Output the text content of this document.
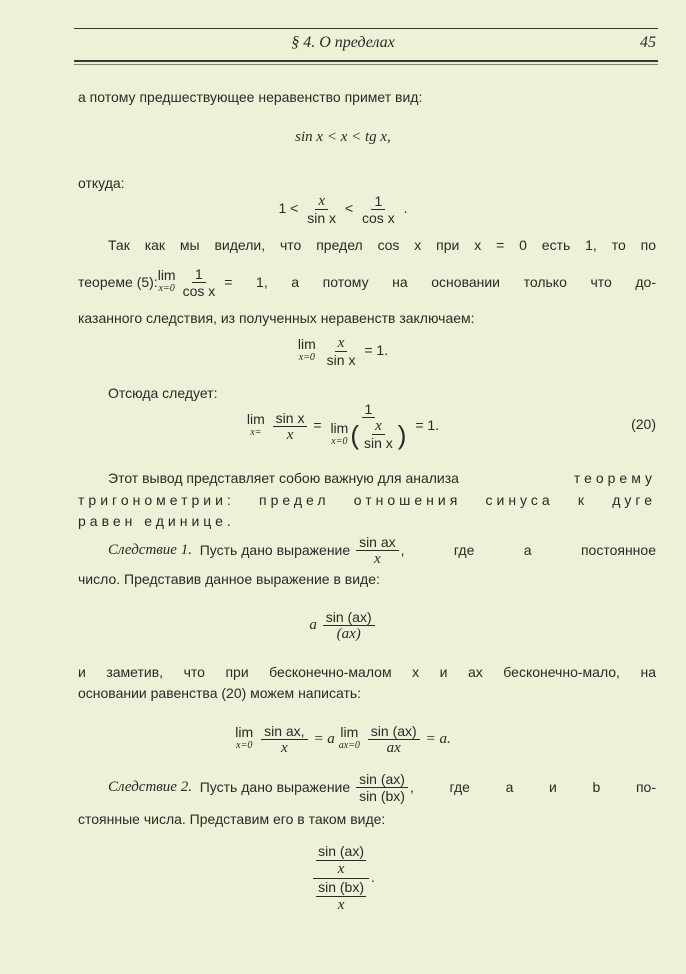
§ 4. О пределах	45
а потому предшествующее неравенство примет вид:
sin x < x < tg x,
откуда:
$1 < \frac{x}{\text{sin x}} < \frac{1}{\text{cos x}}$ .
Так как мы видели, что предел cos x при x = 0 есть 1, то по
теореме (5): lim
$x=0 \frac{1}{\text{cos x}} = 1$, а потому на основании только что до-
казанного следствия, из полученных неравенств заключаем:
lim
x=0
$\frac{x}{\text{sin x}} = 1$.
Отсюда следует:
lim
x=
$\frac{\text{sin x}}{x} = 1$
lim
x=0 ( $\frac{x}{\text{sin x}}$ ) = 1.	(20)
Этот вывод представляет собою важную для анализа	теорему
тригонометрии: предел отношения синуса к дуге
равен единице.
Следствие 1.
Пусть дано выражение
$\frac{\text{sin ax}}{x}$ , где a постоянное
число. Представив данное выражение в виде:
a $\frac{\sin (ax)}{(ax)}$
и заметив, что при бесконечно-малом x и ax бесконечно-мало, на
основании равенства (20) можем написать:
lim
x=0
$\frac{\text{sin ax,}}{x} = a$ lim
ax=0
$\frac{\sin (ax)}{ax} = a$.
Следствие 2.
Пусть дано выражение
$\frac{\sin (ax)}{\sin (bx)}$ , где a и b по-
стоянные числа. Представим его в таком виде:
$\frac{\frac{\sin (ax)}{x}}{\frac{\sin (bx)}{x}}$ .
